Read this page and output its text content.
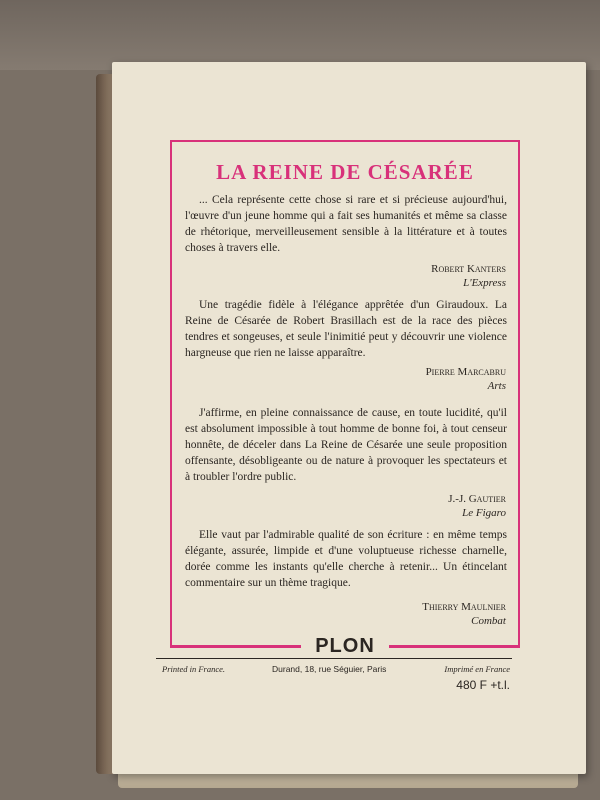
LA REINE DE CÉSARÉE

... Cela représente cette chose si rare et si précieuse aujourd'hui, l'œuvre d'un jeune homme qui a fait ses humanités et même sa classe de rhétorique, merveilleusement sensible à la littérature et à toutes choses à travers elle.

Robert Kanters
L'Express

Une tragédie fidèle à l'élégance apprêtée d'un Giraudoux. La Reine de Césarée de Robert Brasillach est de la race des pièces tendres et songeuses, et seule l'inimitié peut y découvrir une violence hargneuse que rien ne laisse apparaître.

Pierre Marcabru
Arts

J'affirme, en pleine connaissance de cause, en toute lucidité, qu'il est absolument impossible à tout homme de bonne foi, à tout censeur honnête, de déceler dans La Reine de Césarée une seule proposition offensante, désobligeante ou de nature à provoquer les spectateurs et à troubler l'ordre public.

J.-J. Gautier
Le Figaro

Elle vaut par l'admirable qualité de son écriture : en même temps élégante, assurée, limpide et d'une voluptueuse richesse charnelle, dorée comme les instants qu'elle cherche à retenir... Un étincelant commentaire sur un thème tragique.

Thierry Maulnier
Combat
PLON
Printed in France.	Durand, 18, rue Séguier, Paris	Imprimé en France
480 F +t.l.
